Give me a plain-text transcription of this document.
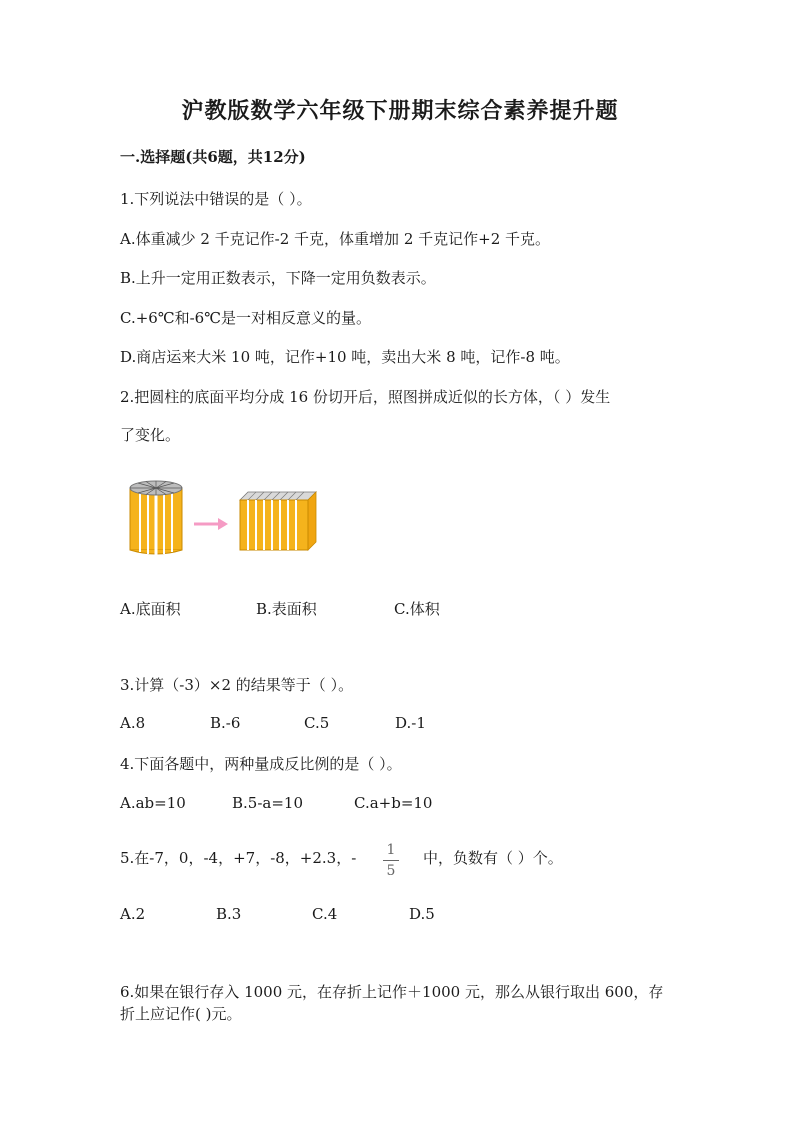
沪教版数学六年级下册期末综合素养提升题
一.选择题(共6题，共12分)
1.下列说法中错误的是（ ）。
A.体重减少 2 千克记作-2 千克，体重增加 2 千克记作+2 千克。
B.上升一定用正数表示，下降一定用负数表示。
C.+6℃和-6℃是一对相反意义的量。
D.商店运来大米 10 吨，记作+10 吨，卖出大米 8 吨，记作-8 吨。
2.把圆柱的底面平均分成 16 份切开后，照图拼成近似的长方体，（ ）发生
了变化。
A.底面积	B.表面积	C.体积
3.计算（-3）×2 的结果等于（ ）。
A.8	B.-6	C.5	D.-1
4.下面各题中，两种量成反比例的是（ ）。
A.ab=10	B.5-a=10	C.a+b=10
5.在-7，0，-4，+7，-8，+2.3，- 1
5
中，负数有（ ）个。
A.2	B.3	C.4	D.5
6.如果在银行存入 1000 元，在存折上记作＋1000 元，那么从银行取出 600，存
折上应记作( )元。
